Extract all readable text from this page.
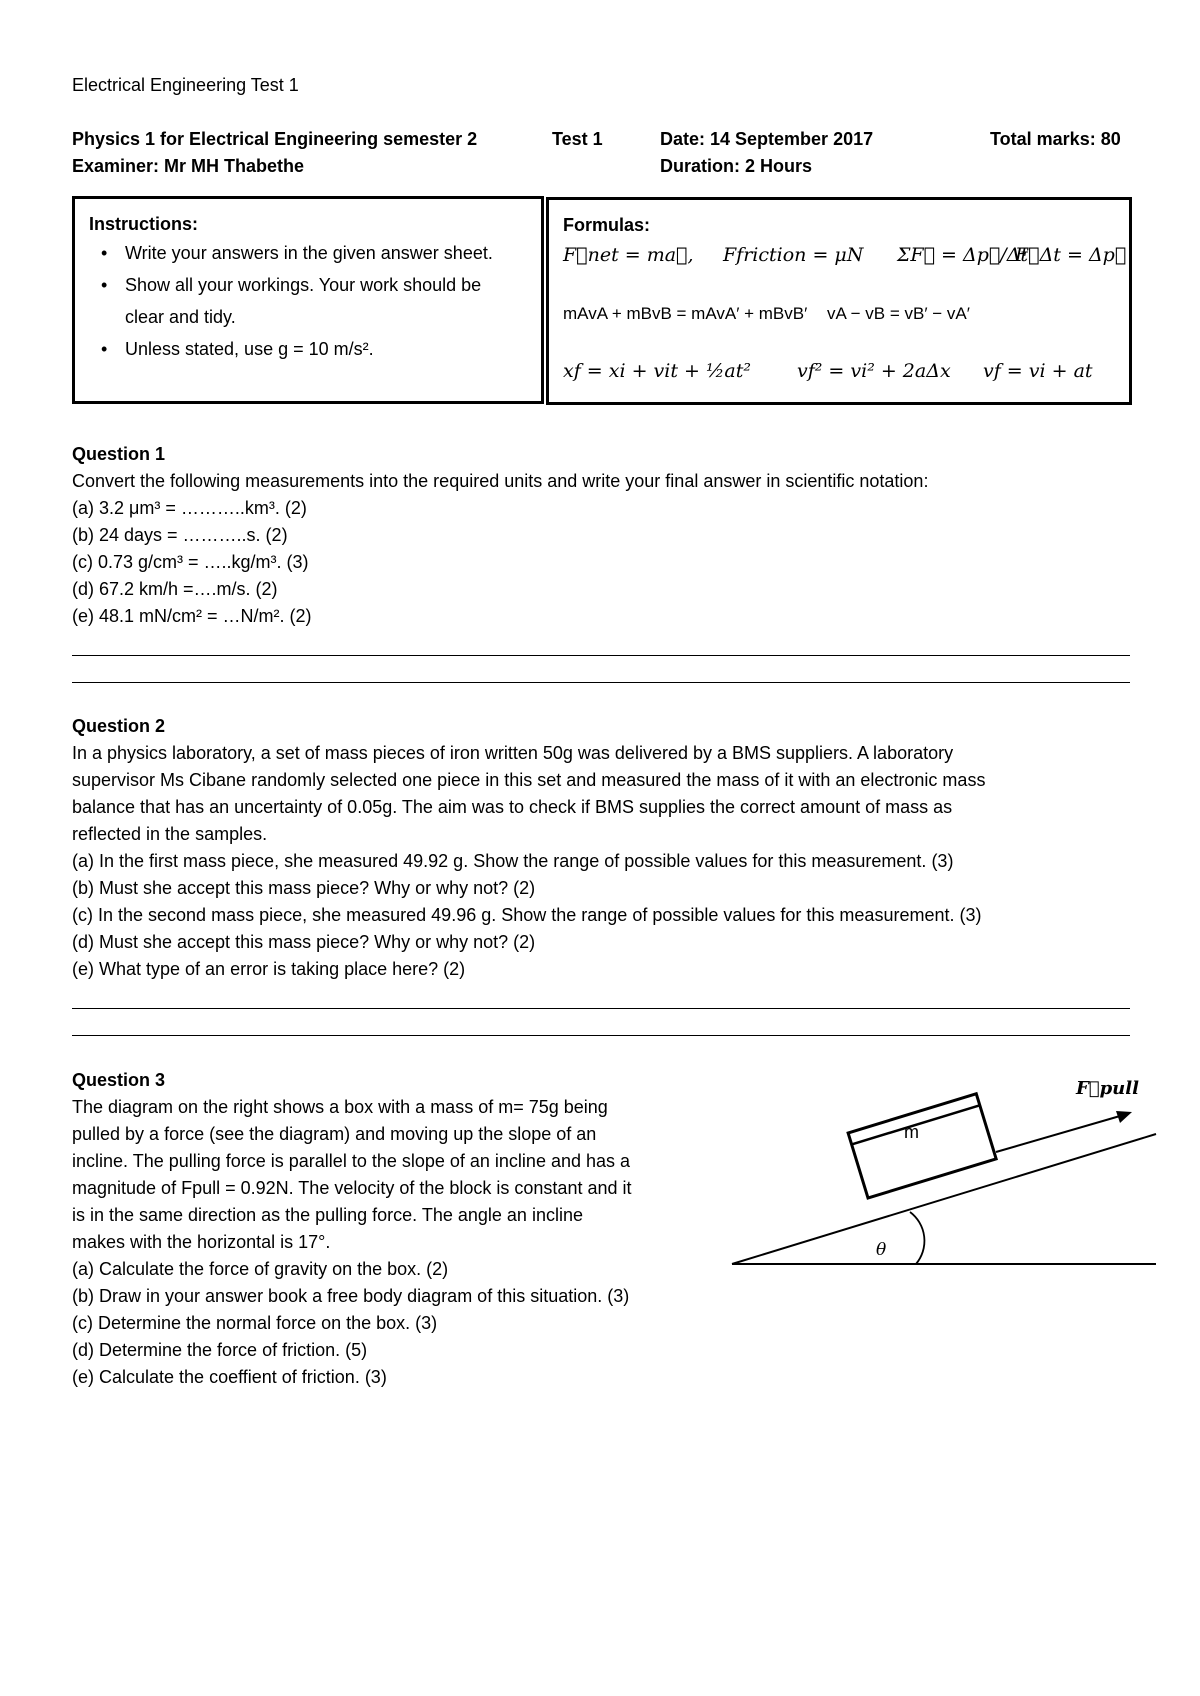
Electrical Engineering Test 1
Physics 1 for Electrical Engineering semester 2	Test 1	Date: 14 September 2017	Total marks: 80
Examiner: Mr MH Thabethe	Duration: 2 Hours
Instructions:
• Write your answers in the given answer sheet.
• Show all your workings. Your work should be clear and tidy.
• Unless stated, use g = 10 m/s².
Formulas:
F⃗net = ma⃗, Ffriction = μN ΣF⃗ = Δp⃗/Δt
F⃗Δt = Δp⃗
mAvA + mBvB = mAvA′ + mBvB′ vA − vB = vB′ − vA′
xf = xi + vit + ½at² vf² = vi² + 2aΔx vf = vi + at
Question 1
Convert the following measurements into the required units and write your final answer in scientific notation:
(a) 3.2 μm³ = ………..km³. (2)
(b) 24 days = ………..s. (2)
(c) 0.73 g/cm³ = …..kg/m³. (3)
(d) 67.2 km/h =….m/s. (2)
(e) 48.1 mN/cm² = …N/m². (2)
Question 2
In a physics laboratory, a set of mass pieces of iron written 50g was delivered by a BMS suppliers. A laboratory
supervisor Ms Cibane randomly selected one piece in this set and measured the mass of it with an electronic mass
balance that has an uncertainty of 0.05g. The aim was to check if BMS supplies the correct amount of mass as
reflected in the samples.
(a) In the first mass piece, she measured 49.92 g. Show the range of possible values for this measurement. (3)
(b) Must she accept this mass piece? Why or why not? (2)
(c) In the second mass piece, she measured 49.96 g. Show the range of possible values for this measurement. (3)
(d) Must she accept this mass piece? Why or why not? (2)
(e) What type of an error is taking place here? (2)
Question 3
The diagram on the right shows a box with a mass of m= 75g being
pulled by a force (see the diagram) and moving up the slope of an
incline. The pulling force is parallel to the slope of an incline and has a
magnitude of Fpull = 0.92N. The velocity of the block is constant and it
is in the same direction as the pulling force. The angle an incline
makes with the horizontal is 17°.
(a) Calculate the force of gravity on the box. (2)
(b) Draw in your answer book a free body diagram of this situation. (3)
(c) Determine the normal force on the box. (3)
(d) Determine the force of friction. (5)
(e) Calculate the coeffient of friction. (3)
m
F⃗pull
θ
